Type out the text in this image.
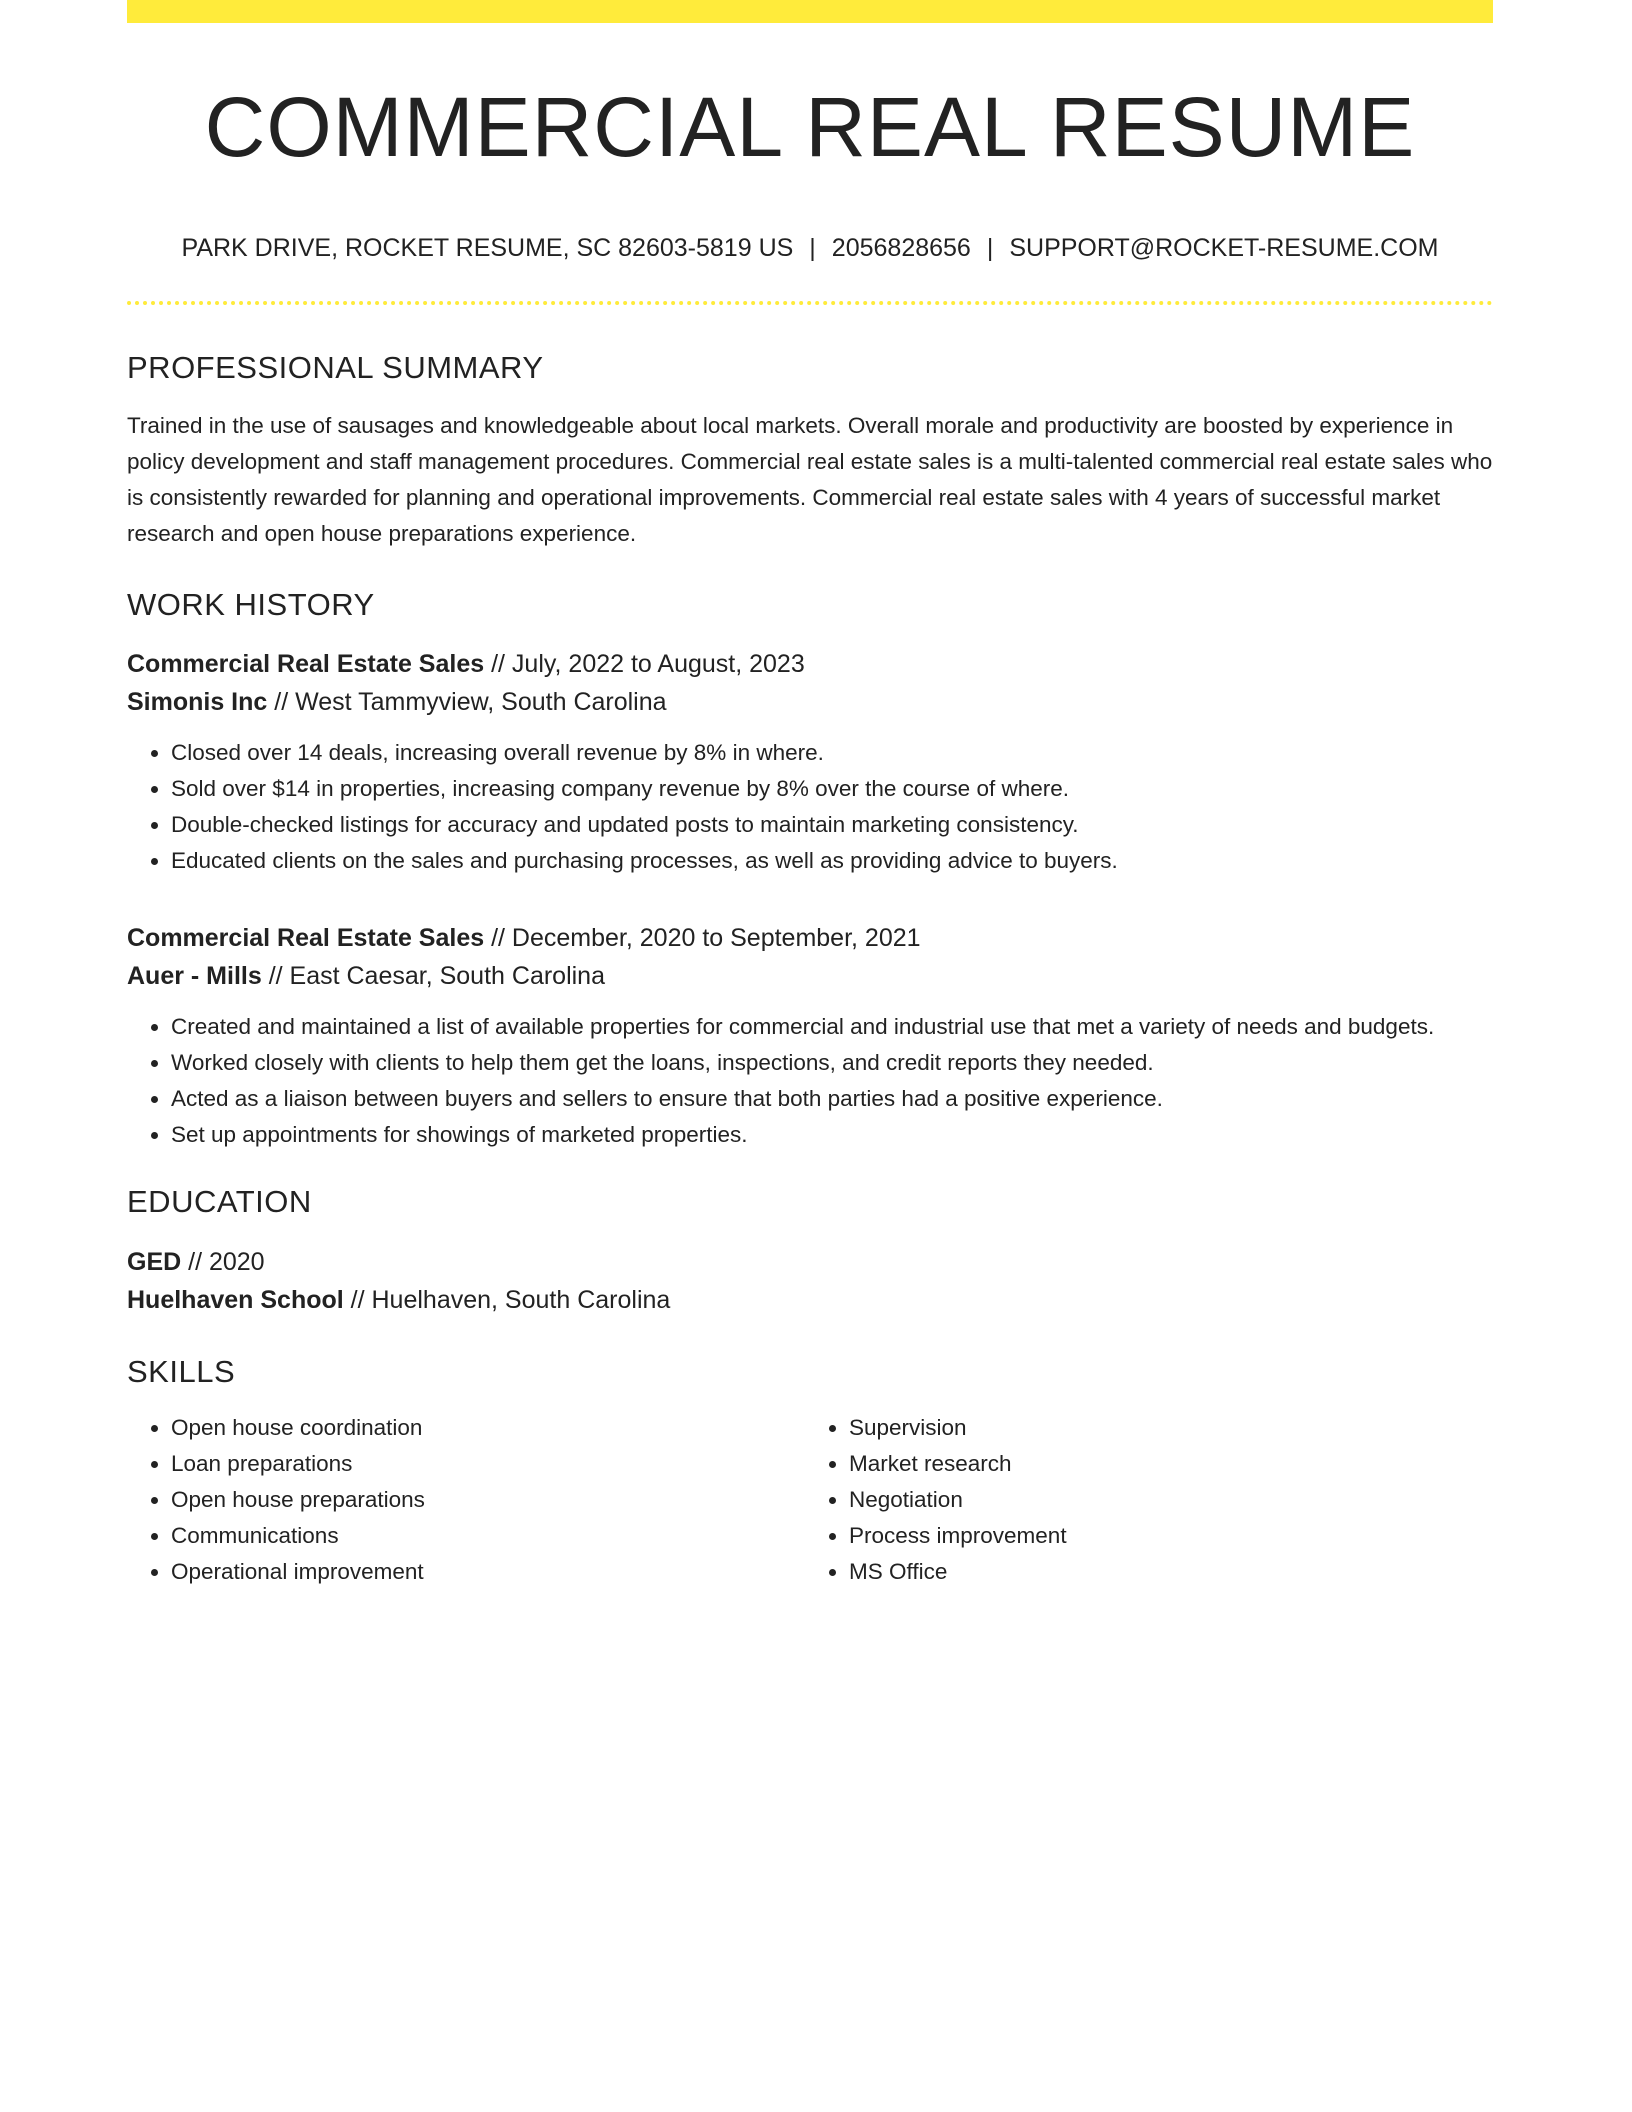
COMMERCIAL REAL RESUME
PARK DRIVE, ROCKET RESUME, SC 82603-5819 US | 2056828656 | SUPPORT@ROCKET-RESUME.COM
PROFESSIONAL SUMMARY
Trained in the use of sausages and knowledgeable about local markets. Overall morale and productivity are boosted by experience in policy development and staff management procedures. Commercial real estate sales is a multi-talented commercial real estate sales who is consistently rewarded for planning and operational improvements. Commercial real estate sales with 4 years of successful market research and open house preparations experience.
WORK HISTORY
Commercial Real Estate Sales // July, 2022 to August, 2023
Simonis Inc // West Tammyview, South Carolina
• Closed over 14 deals, increasing overall revenue by 8% in where.
• Sold over $14 in properties, increasing company revenue by 8% over the course of where.
• Double-checked listings for accuracy and updated posts to maintain marketing consistency.
• Educated clients on the sales and purchasing processes, as well as providing advice to buyers.
Commercial Real Estate Sales // December, 2020 to September, 2021
Auer - Mills // East Caesar, South Carolina
• Created and maintained a list of available properties for commercial and industrial use that met a variety of needs and budgets.
• Worked closely with clients to help them get the loans, inspections, and credit reports they needed.
• Acted as a liaison between buyers and sellers to ensure that both parties had a positive experience.
• Set up appointments for showings of marketed properties.
EDUCATION
GED // 2020
Huelhaven School // Huelhaven, South Carolina
SKILLS
• Open house coordination
• Loan preparations
• Open house preparations
• Communications
• Operational improvement
• Supervision
• Market research
• Negotiation
• Process improvement
• MS Office
